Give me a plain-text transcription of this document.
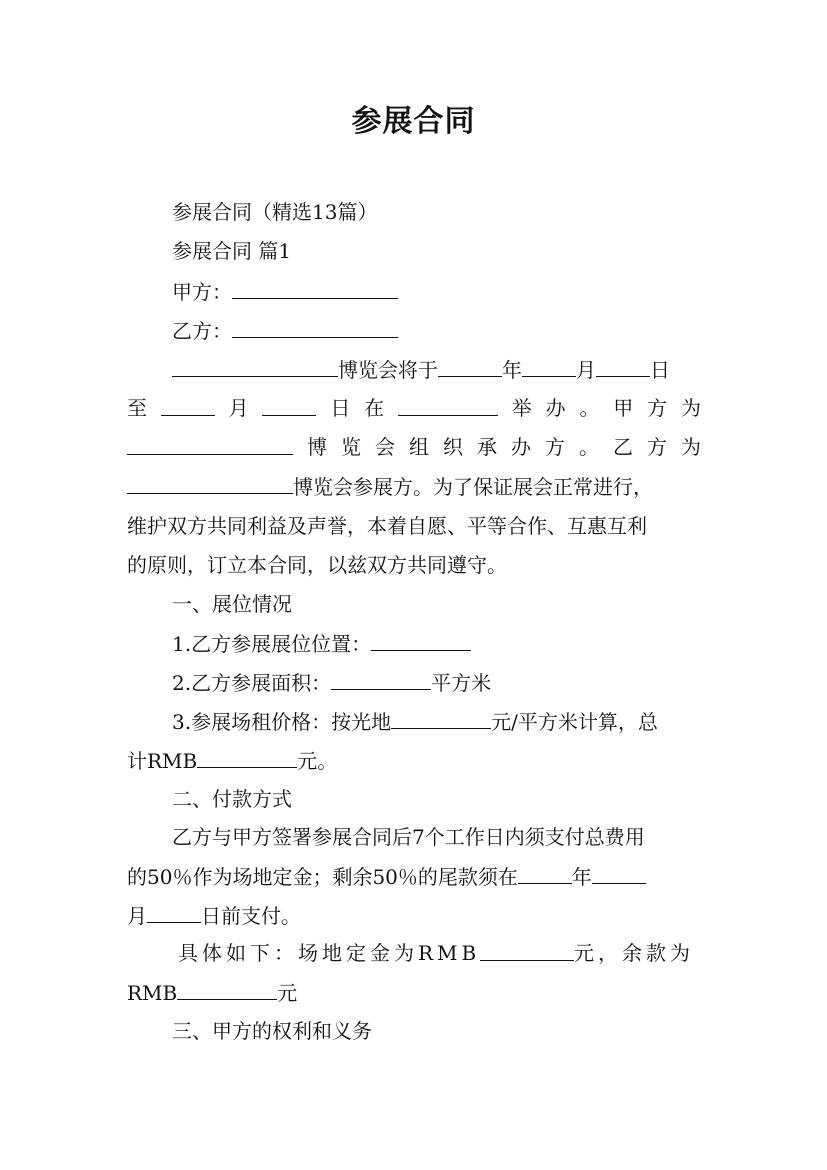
参展合同
参展合同（精选13篇）
参展合同 篇1
甲方：
乙方：
博览会将于	年	月	日
至	月	日 在	举 办 。 甲 方 为
博 览 会 组 织 承 办 方 。 乙 方 为
博览会参展方。为了保证展会正常进行，
维护双方共同利益及声誉，本着自愿、平等合作、互惠互利
的原则，订立本合同，以兹双方共同遵守。
一、展位情况
1.乙方参展展位位置：
2.乙方参展面积：	平方米
3.参展场租价格：按光地	元/平方米计算，总
计RMB	元。
二、付款方式
乙方与甲方签署参展合同后7个工作日内须支付总费用
的50％作为场地定金；剩余50％的尾款须在	年
月	日前支付。
具体如下：场地定金为RMB	元，余款为
RMB	元
三、甲方的权利和义务
